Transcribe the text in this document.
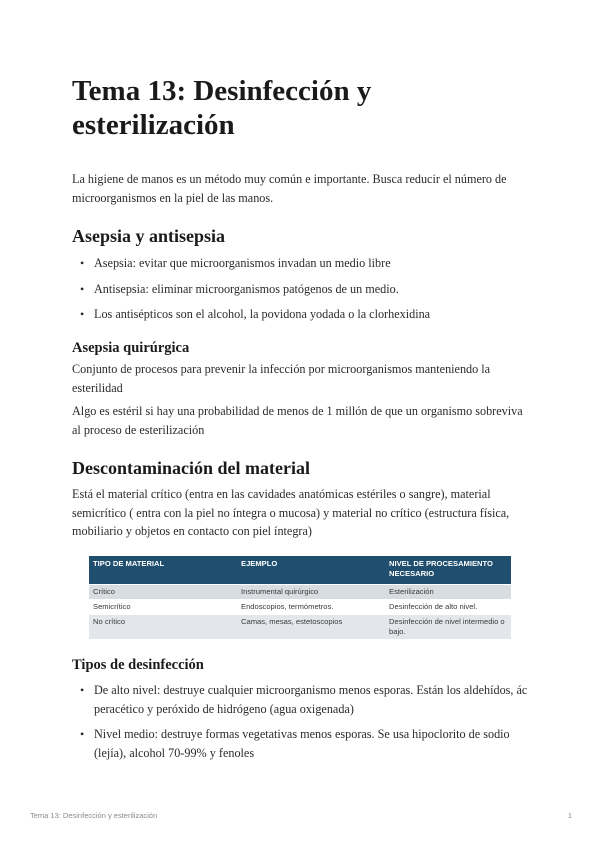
Tema 13: Desinfección y esterilización

La higiene de manos es un método muy común e importante. Busca reducir el número de microorganismos en la piel de las manos.

Asepsia y antisepsia
• Asepsia: evitar que microorganismos invadan un medio libre
• Antisepsia: eliminar microorganismos patógenos de un medio.
• Los antisépticos son el alcohol, la povidona yodada o la clorhexidina
Asepsia quirúrgica

Conjunto de procesos para prevenir la infección por microorganismos manteniendo la esterilidad

Algo es estéril si hay una probabilidad de menos de 1 millón de que un organismo sobreviva al proceso de esterilización

Descontaminación del material

Está el material crítico (entra en las cavidades anatómicas estériles o sangre), material semicrítico ( entra con la piel no íntegra o mucosa) y material no crítico (estructura física, mobiliario y objetos en contacto con piel íntegra)

TIPO DE MATERIAL	EJEMPLO	NIVEL DE PROCESAMIENTO NECESARIO
Crítico	Instrumental quirúrgico	Esterilización
Semicrítico	Endoscopios, termómetros.	Desinfección de alto nivel.
No crítico	Camas, mesas, estetoscopios	Desinfección de nivel intermedio o bajo.
Tipos de desinfección
• De alto nivel: destruye cualquier microorganismo menos esporas. Están los aldehídos, ác peracético y peróxido de hidrógeno (agua oxigenada)
• Nivel medio: destruye formas vegetativas menos esporas. Se usa hipoclorito de sodio (lejía), alcohol 70-99% y fenoles
Tema 13: Desinfección y esterilización	1
